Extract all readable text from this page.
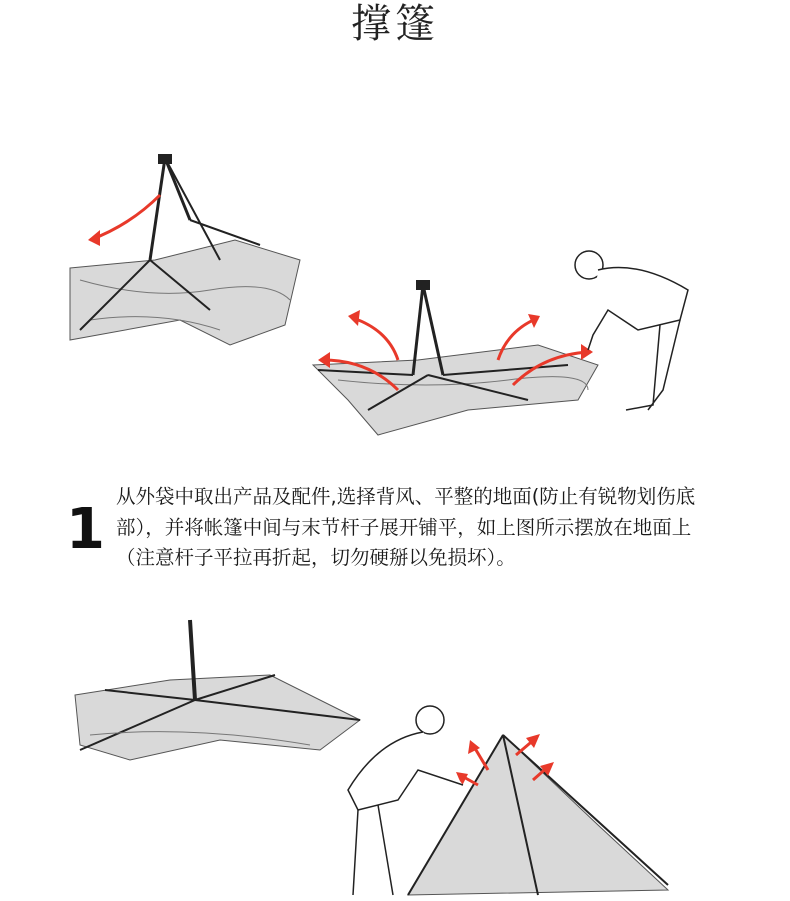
撑篷
1
从外袋中取出产品及配件,选择背风、平整的地面(防止有锐物划伤底部），并将帐篷中间与末节杆子展开铺平，如上图所示摆放在地面上（注意杆子平拉再折起，切勿硬掰以免损坏）。
